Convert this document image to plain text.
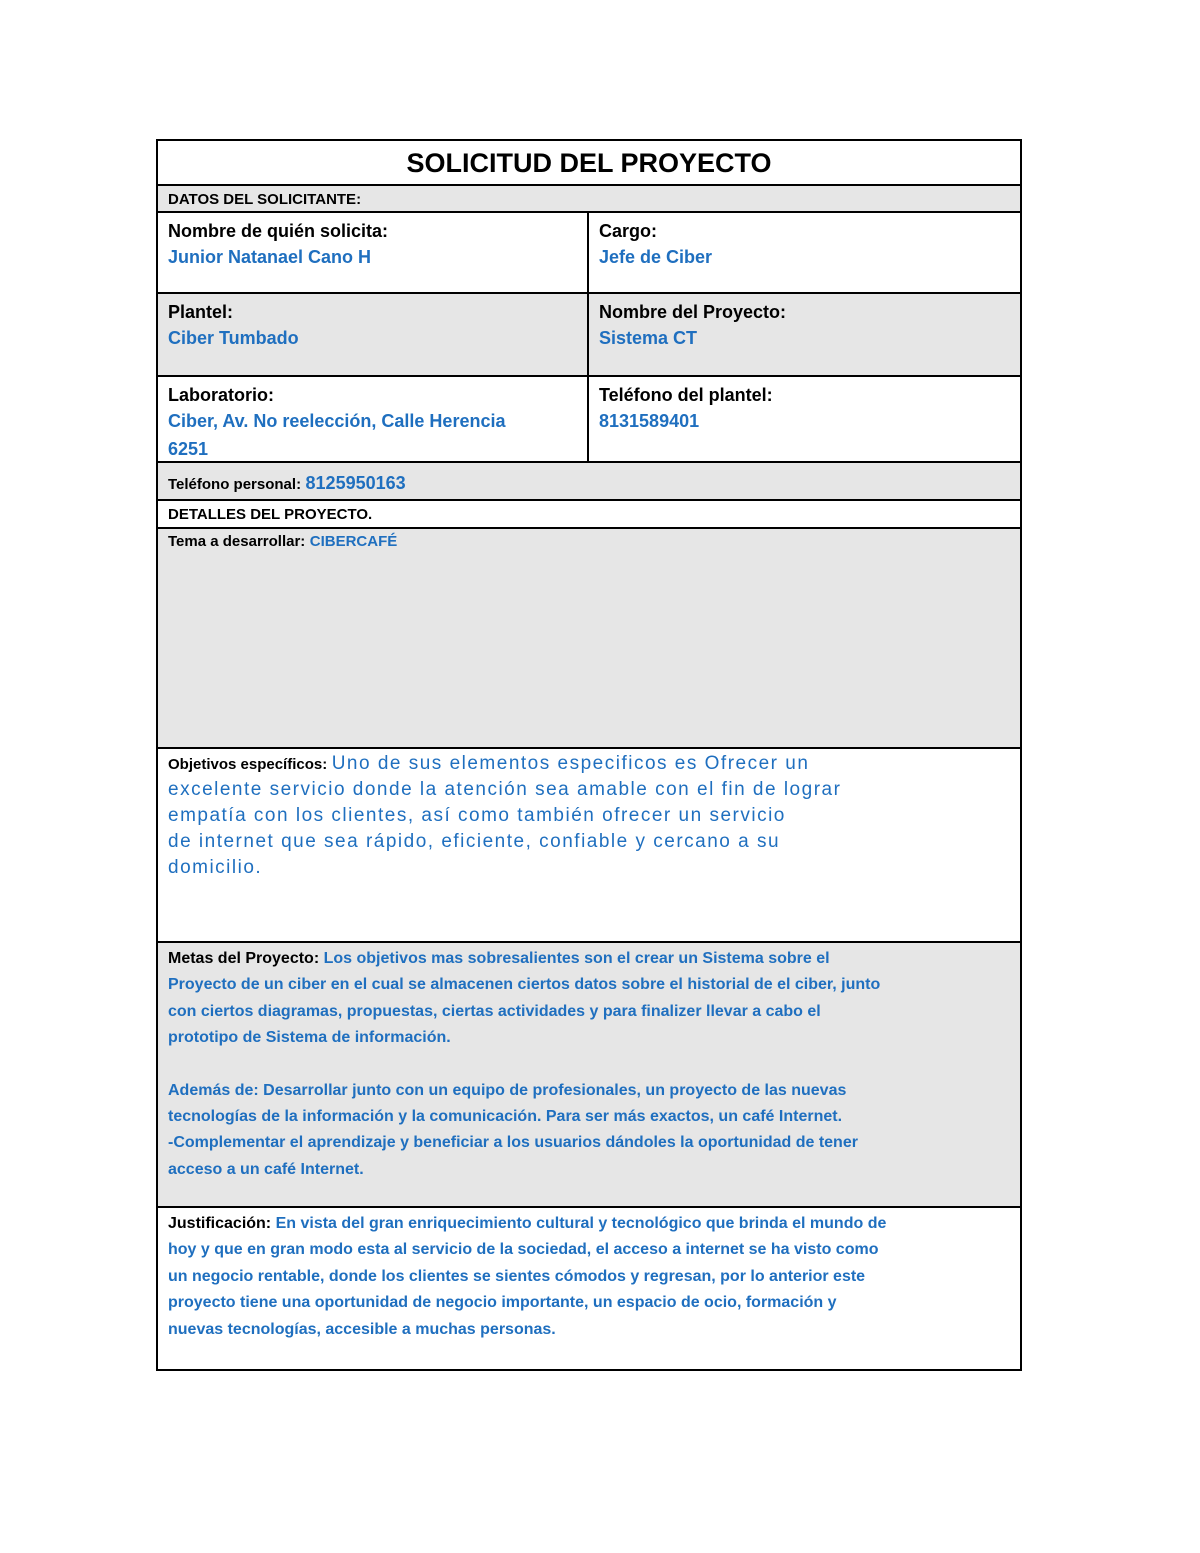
SOLICITUD DEL PROYECTO
DATOS DEL SOLICITANTE:
Nombre de quién solicita:
Junior Natanael Cano H
Cargo:
Jefe de Ciber
Plantel:
Ciber Tumbado
Nombre del Proyecto:
Sistema CT
Laboratorio:
Ciber, Av. No reelección, Calle Herencia
6251
Teléfono del plantel:
8131589401
Teléfono personal: 8125950163
DETALLES DEL PROYECTO.
Tema a desarrollar: CIBERCAFÉ
Objetivos específicos: Uno de sus elementos especificos es Ofrecer un
excelente servicio donde la atención sea amable con el fin de lograr
empatía con los clientes, así como también ofrecer un servicio
de internet que sea rápido, eficiente, confiable y cercano a su
domicilio.
Metas del Proyecto: Los objetivos mas sobresalientes son el crear un Sistema sobre el
Proyecto de un ciber en el cual se almacenen ciertos datos sobre el historial de el ciber, junto
con ciertos diagramas, propuestas, ciertas actividades y para finalizer llevar a cabo el
prototipo de Sistema de información.
Además de: Desarrollar junto con un equipo de profesionales, un proyecto de las nuevas
tecnologías de la información y la comunicación. Para ser más exactos, un café Internet.
-Complementar el aprendizaje y beneficiar a los usuarios dándoles la oportunidad de tener
acceso a un café Internet.
Justificación: En vista del gran enriquecimiento cultural y tecnológico que brinda el mundo de
hoy y que en gran modo esta al servicio de la sociedad, el acceso a internet se ha visto como
un negocio rentable, donde los clientes se sientes cómodos y regresan, por lo anterior este
proyecto tiene una oportunidad de negocio importante, un espacio de ocio, formación y
nuevas tecnologías, accesible a muchas personas.
